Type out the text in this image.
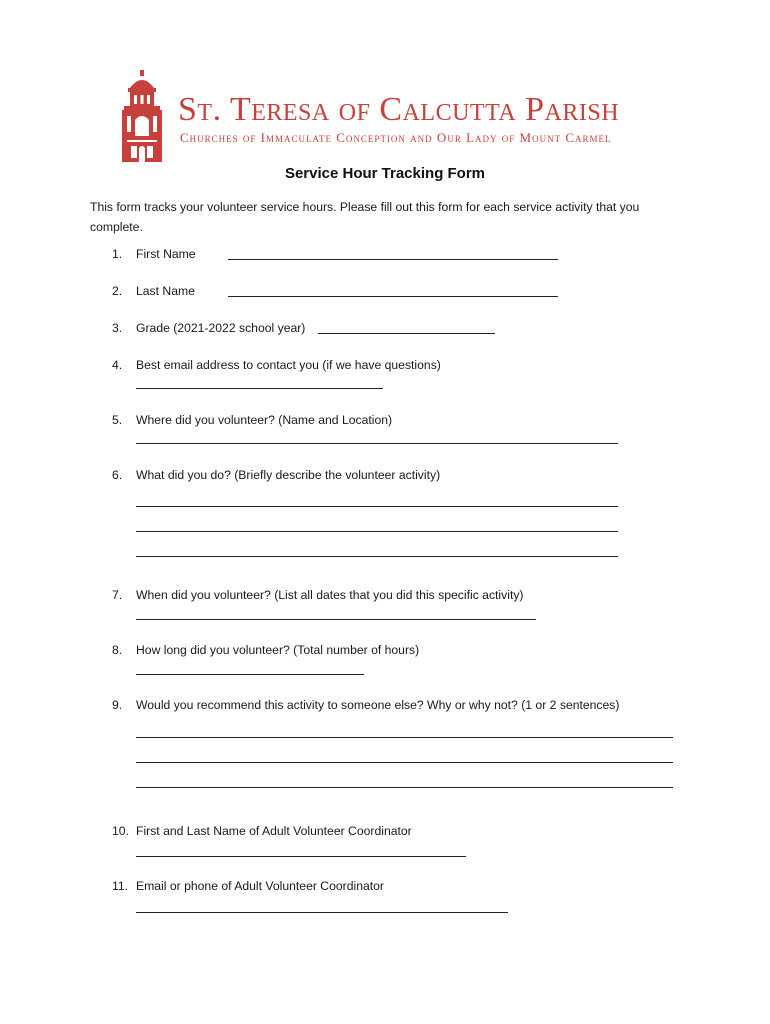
St. Teresa of Calcutta Parish
Churches of Immaculate Conception and Our Lady of Mount Carmel
Service Hour Tracking Form
This form tracks your volunteer service hours. Please fill out this form for each service activity that you complete.
1. First Name
2. Last Name
3. Grade (2021-2022 school year)
4. Best email address to contact you (if we have questions)
5. Where did you volunteer? (Name and Location)
6. What did you do? (Briefly describe the volunteer activity)
7. When did you volunteer? (List all dates that you did this specific activity)
8. How long did you volunteer? (Total number of hours)
9. Would you recommend this activity to someone else? Why or why not? (1 or 2 sentences)
10. First and Last Name of Adult Volunteer Coordinator
11. Email or phone of Adult Volunteer Coordinator
